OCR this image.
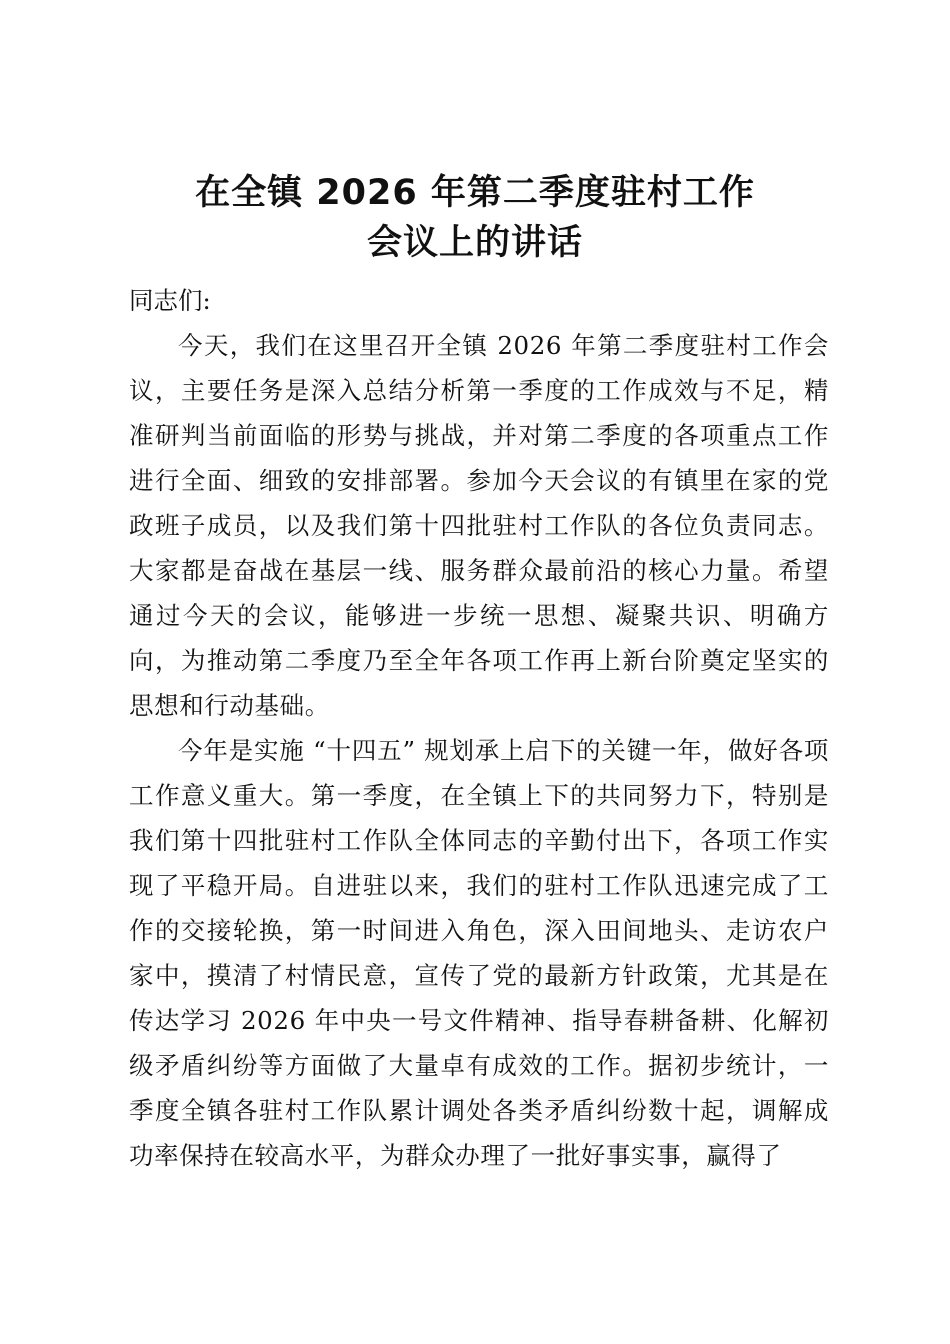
在全镇 2026 年第二季度驻村工作
会议上的讲话

同志们:

今天，我们在这里召开全镇 2026 年第二季度驻村工作会议，主要任务是深入总结分析第一季度的工作成效与不足，精准研判当前面临的形势与挑战，并对第二季度的各项重点工作进行全面、细致的安排部署。参加今天会议的有镇里在家的党政班子成员，以及我们第十四批驻村工作队的各位负责同志。大家都是奋战在基层一线、服务群众最前沿的核心力量。希望通过今天的会议，能够进一步统一思想、凝聚共识、明确方向，为推动第二季度乃至全年各项工作再上新台阶奠定坚实的思想和行动基础。

今年是实施 “十四五” 规划承上启下的关键一年，做好各项工作意义重大。第一季度，在全镇上下的共同努力下，特别是我们第十四批驻村工作队全体同志的辛勤付出下，各项工作实现了平稳开局。自进驻以来，我们的驻村工作队迅速完成了工作的交接轮换，第一时间进入角色，深入田间地头、走访农户家中，摸清了村情民意，宣传了党的最新方针政策，尤其是在传达学习 2026 年中央一号文件精神、指导春耕备耕、化解初级矛盾纠纷等方面做了大量卓有成效的工作。据初步统计，一季度全镇各驻村工作队累计调处各类矛盾纠纷数十起，调解成功率保持在较高水平，为群众办理了一批好事实事，赢得了
